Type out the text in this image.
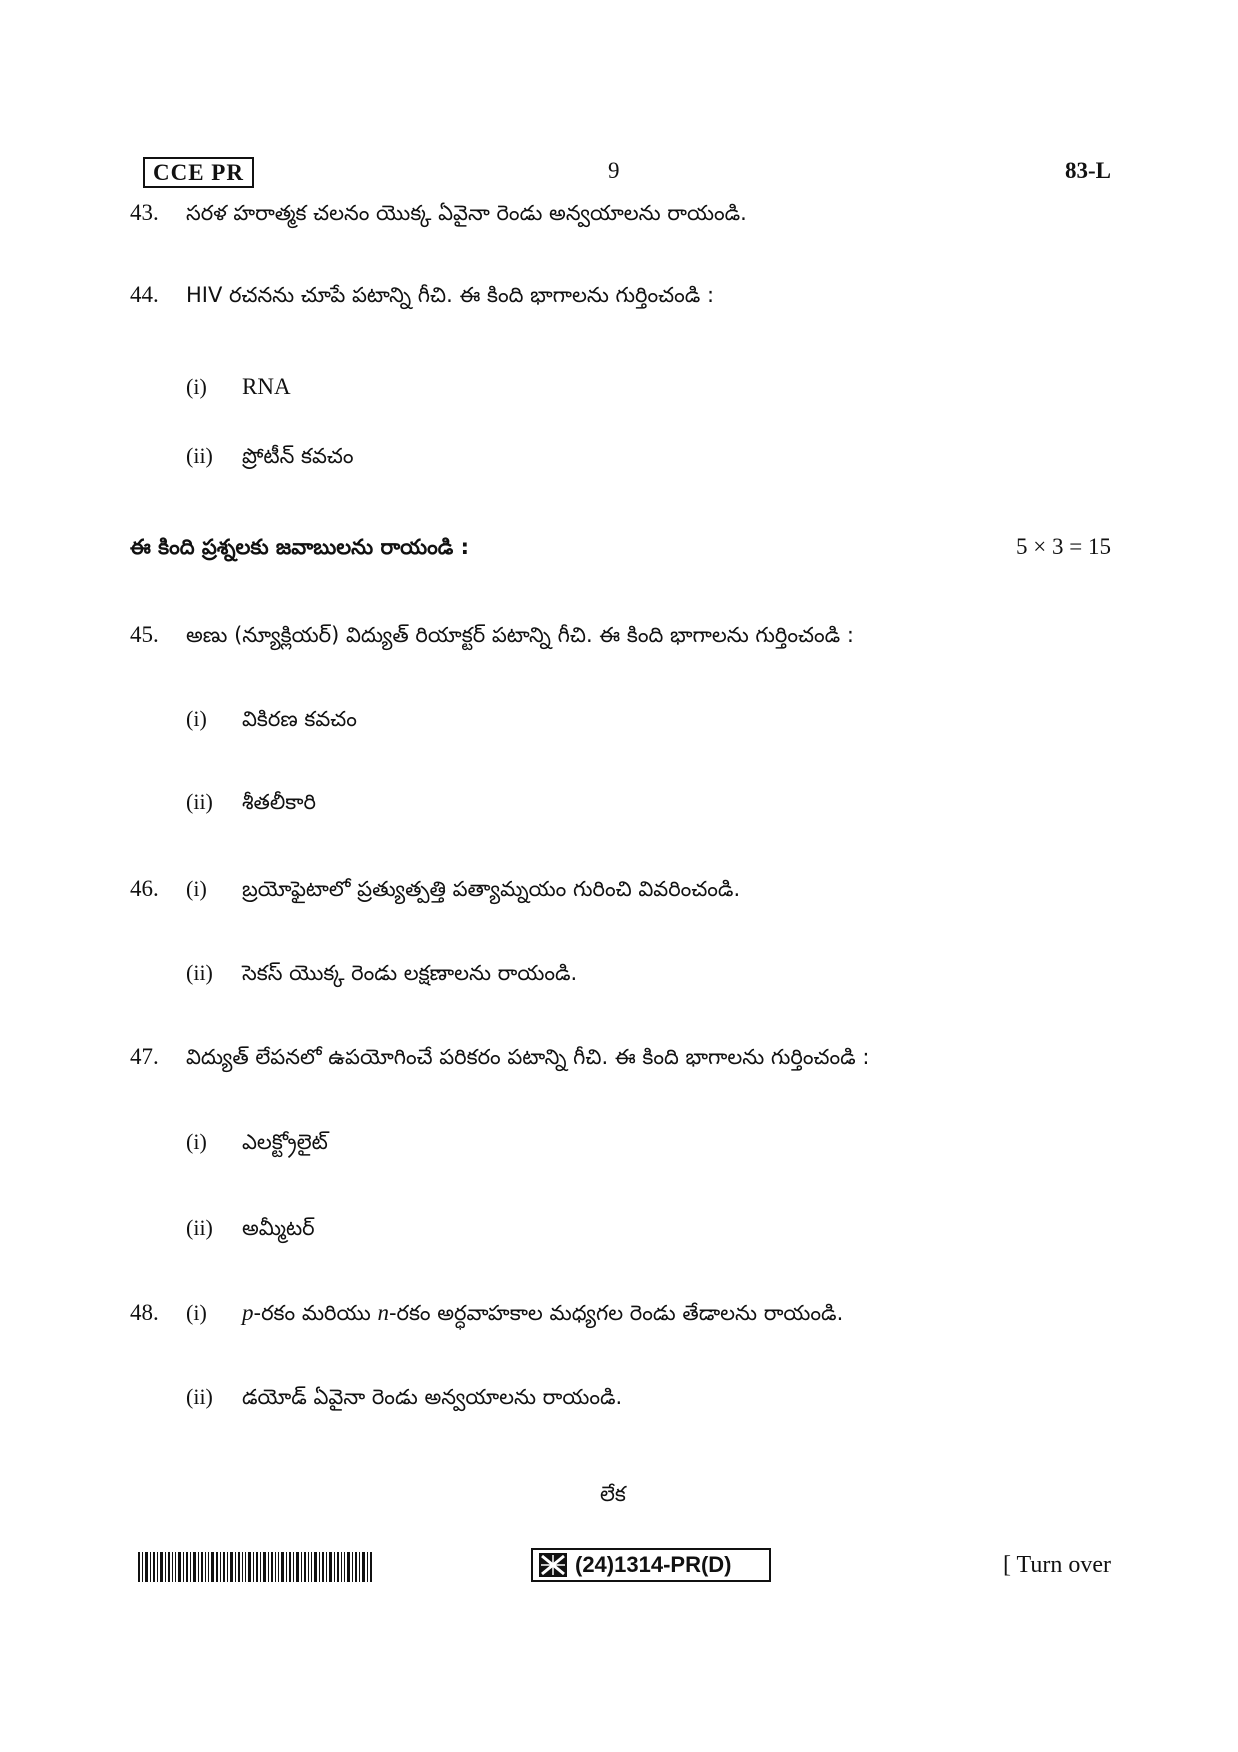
CCE PR	9	83-L
43. సరళ హరాత్మక చలనం యొక్క ఏవైనా రెండు అన్వయాలను రాయండి.
44. HIV రచనను చూపే పటాన్ని గీచి. ఈ కింది భాగాలను గుర్తించండి :
(i) RNA
(ii) ప్రోటీన్ కవచం
ఈ కింది ప్రశ్నలకు జవాబులను రాయండి :	5 × 3 = 15
45. అణు (న్యూక్లియర్) విద్యుత్ రియాక్టర్ పటాన్ని గీచి. ఈ కింది భాగాలను గుర్తించండి :
(i) వికిరణ కవచం
(ii) శీతలీకారి
46. (i) బ్రయోఫైటాలో ప్రత్యుత్పత్తి పత్యామ్నయం గురించి వివరించండి.
(ii) సెకస్ యొక్క రెండు లక్షణాలను రాయండి.
47. విద్యుత్ లేపనలో ఉపయోగించే పరికరం పటాన్ని గీచి. ఈ కింది భాగాలను గుర్తించండి :
(i) ఎలక్ట్రోలైట్
(ii) అమ్మీటర్
48. (i) p-రకం మరియు n-రకం అర్ధవాహకాల మధ్యగల రెండు తేడాలను రాయండి.
(ii) డయోడ్ ఏవైనా రెండు అన్వయాలను రాయండి.
లేక
(24)1314-PR(D)	[ Turn over
